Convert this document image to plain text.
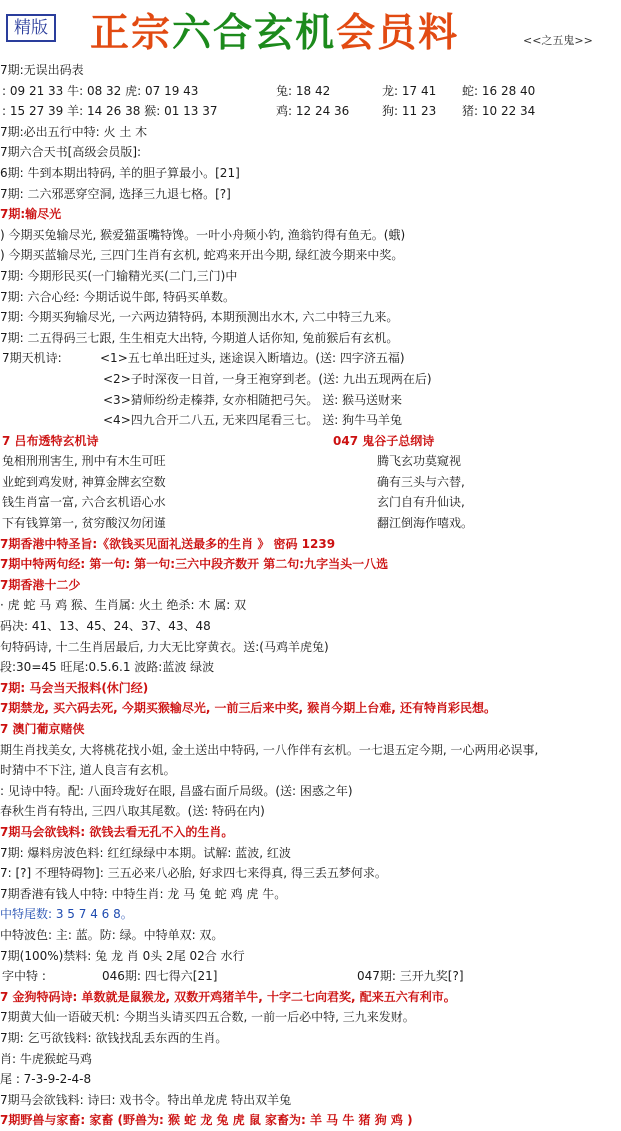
精版 正宗六合玄机会员料	<<之五鬼>>
7期:无误出码表
: 09 21 33 牛: 08 32 虎: 07 19 43	兔: 18 42	龙: 17 41 蛇: 16 28 40
: 15 27 39 羊: 14 26 38 猴: 01 13 37	鸡: 12 24 36	狗: 11 23 猪: 10 22 34
7期:必出五行中特: 火 土 木
7期六合天书[高级会员版]:
6期: 牛到本期出特码, 羊的胆子算最小。[21]
7期: 二六邪恶穿空洞, 选择三九退七格。[?]
7期:输尽光
) 今期买兔输尽光, 猴爱猫蛋嘴特馋。一叶小舟频小钓, 渔翁钓得有鱼无。(蛾)
) 今期买蓝输尽光, 三四门生肖有玄机, 蛇鸡来开出今期, 绿红波今期来中奖。
7期: 今期形民买(一门输精光买(二门,三门)中
7期: 六合心经: 今期话说牛郎, 特码买单数。
7期: 今期买狗输尽光, 一六两边猜特码, 本期预测出水木, 六二中特三九来。
7期: 二五得码三七跟, 生生相克大出特, 今期道人话你知, 兔前猴后有玄机。
7期天机诗:	<1>五七单出旺过头, 迷途误入断墙边。(送: 四字济五福)
<2>子时深夜一日首, 一身王袍穿到老。(送: 九出五现两在后)
<3>猜师纷纷走榛莽, 女亦相随把弓矢。 送: 猴马送财来
<4>四九合开二八五, 无来四尾看三七。 送: 狗牛马羊兔
7 吕布透特玄机诗	047 鬼谷子总纲诗
兔相刑刑害生, 刑中有木生可旺	腾飞玄功莫窥视
业蛇到鸡发财, 神算金牌玄空数	确有三头与六替,
钱生肖富一富, 六合玄机语心水	玄门自有升仙诀,
下有钱算第一, 贫穷酸汉勿闭谨	翻江倒海作嘻戏。
7期香港中特圣旨:《欲钱买见面礼送最多的生肖 》 密码 1239
7期中特两句经: 第一句: 第一句:三六中段齐数开 第二句:九字当头一八选
7期香港十二少
· 虎 蛇 马 鸡 猴、生肖属: 火土 绝杀: 木 属: 双
码决: 41、13、45、24、37、43、48
句特码诗, 十二生肖居最后, 力大无比穿黄衣。送:(马鸡羊虎兔)
段:30=45 旺尾:0.5.6.1 波路:蓝波 绿波
7期: 马会当天报料(休门经)
7期禁龙, 买六码去死, 今期买猴输尽光, 一前三后来中奖, 猴肖今期上台难, 还有特肖彩民想。
7 澳门葡京赌侠
期生肖找美女, 大将桃花找小姐, 金土送出中特码, 一八作伴有玄机。一七退五定今期, 一心两用必误事,
时猜中不下注, 道人良言有玄机。
: 见诗中特。配: 八面玲珑好在眼, 昌盛右面斤局级。(送: 困惑之年)
春秋生肖有特出, 三四八取其尾数。(送: 特码在内)
7期马会欲钱料: 欲钱去看无孔不入的生肖。
7期: 爆料房波色料: 红红绿绿中本期。试解: 蓝波, 红波
7: [?] 不理特碍物]: 三五必来八必胎, 好求四七来得真, 得三丢五梦何求。
7期香港有钱人中特: 中特生肖: 龙 马 兔 蛇 鸡 虎 牛。
中特尾数: 3 5 7 4 6 8。
中特波色: 主: 蓝。防: 绿。中特单双: 双。
7期(100%)禁料: 兔 龙 肖 0头 2尾 02合 水行
字中特 :	046期: 四七得六[21]	047期: 三开九奖[?]
7 金狗特码诗: 单数就是鼠猴龙, 双数开鸡猪羊牛, 十字二七向君奖, 配来五六有利市。
7期黄大仙一语破天机: 今期当头请买四五合数, 一前一后必中特, 三九来发财。
7期: 乞丐欲钱料: 欲钱找乱丢东西的生肖。
肖: 牛虎猴蛇马鸡
尾 : 7-3-9-2-4-8
7期马会欲钱料: 诗曰: 戏书令。特出单龙虎 特出双羊兔
7期野兽与家畜: 家畜 (野兽为: 猴 蛇 龙 兔 虎 鼠 家畜为: 羊 马 牛 猪 狗 鸡 )
